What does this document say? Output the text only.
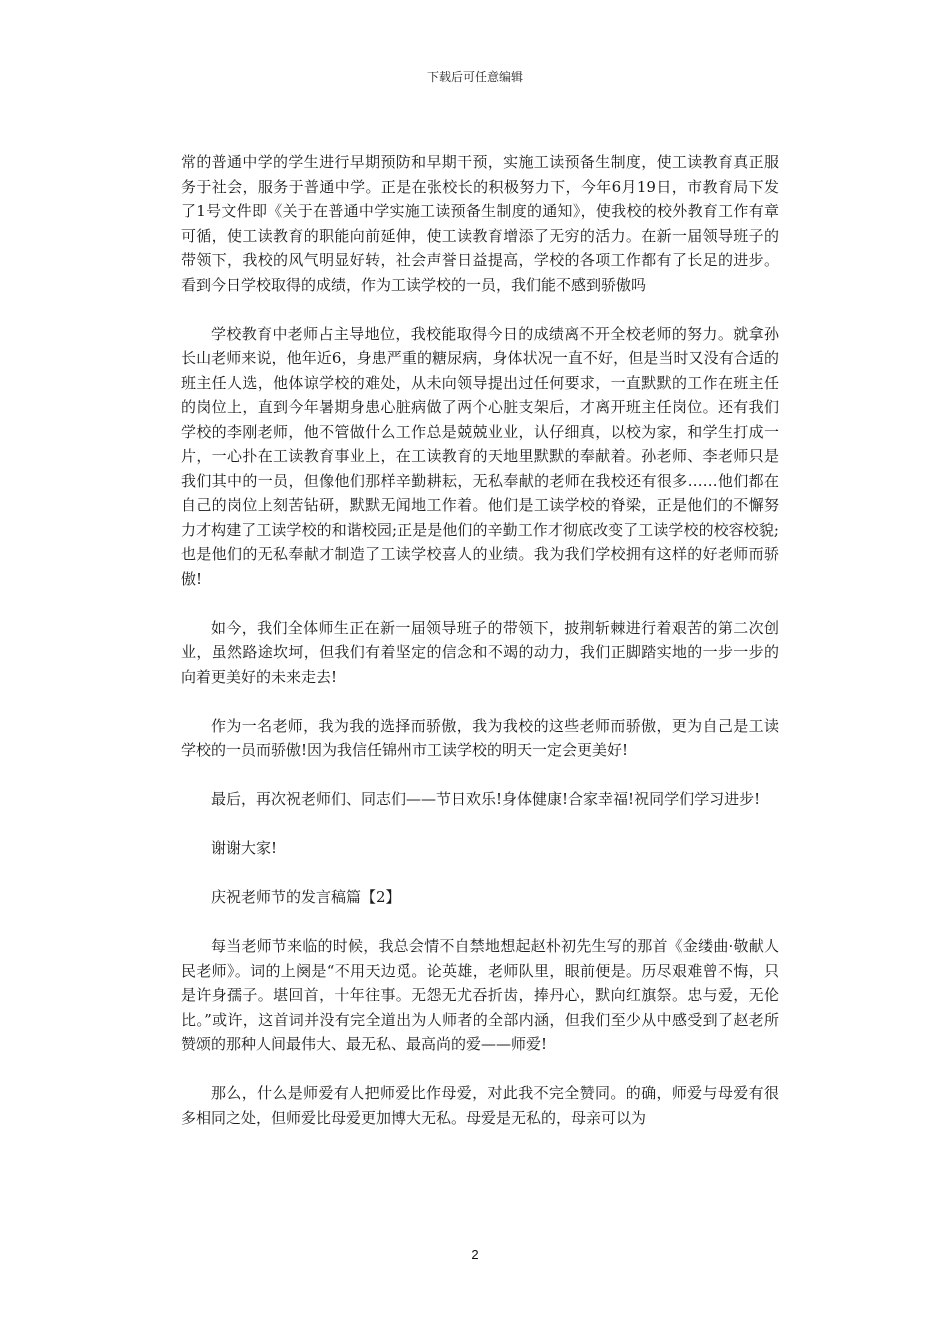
下载后可任意编辑

常的普通中学的学生进行早期预防和早期干预，实施工读预备生制度，使工读教育真正服务于社会，服务于普通中学。正是在张校长的积极努力下，今年6月19日，市教育局下发了1号文件即《关于在普通中学实施工读预备生制度的通知》，使我校的校外教育工作有章可循，使工读教育的职能向前延伸，使工读教育增添了无穷的活力。在新一届领导班子的带领下，我校的风气明显好转，社会声誉日益提高，学校的各项工作都有了长足的进步。看到今日学校取得的成绩，作为工读学校的一员，我们能不感到骄傲吗

学校教育中老师占主导地位，我校能取得今日的成绩离不开全校老师的努力。就拿孙长山老师来说，他年近6，身患严重的糖尿病，身体状况一直不好，但是当时又没有合适的班主任人选，他体谅学校的难处，从未向领导提出过任何要求，一直默默的工作在班主任的岗位上，直到今年暑期身患心脏病做了两个心脏支架后，才离开班主任岗位。还有我们学校的李刚老师，他不管做什么工作总是兢兢业业，认仔细真，以校为家，和学生打成一片，一心扑在工读教育事业上，在工读教育的天地里默默的奉献着。孙老师、李老师只是我们其中的一员，但像他们那样辛勤耕耘，无私奉献的老师在我校还有很多……他们都在自己的岗位上刻苦钻研，默默无闻地工作着。他们是工读学校的脊梁，正是他们的不懈努力才构建了工读学校的和谐校园;正是是他们的辛勤工作才彻底改变了工读学校的校容校貌;也是他们的无私奉献才制造了工读学校喜人的业绩。我为我们学校拥有这样的好老师而骄傲!

如今，我们全体师生正在新一届领导班子的带领下，披荆斩棘进行着艰苦的第二次创业，虽然路途坎坷，但我们有着坚定的信念和不竭的动力，我们正脚踏实地的一步一步的向着更美好的未来走去!

作为一名老师，我为我的选择而骄傲，我为我校的这些老师而骄傲，更为自己是工读学校的一员而骄傲!因为我信任锦州市工读学校的明天一定会更美好!

最后，再次祝老师们、同志们——节日欢乐!身体健康!合家幸福!祝同学们学习进步!

谢谢大家!

庆祝老师节的发言稿篇【2】

每当老师节来临的时候，我总会情不自禁地想起赵朴初先生写的那首《金缕曲·敬献人民老师》。词的上阕是“不用天边觅。论英雄，老师队里，眼前便是。历尽艰难曾不悔，只是许身孺子。堪回首，十年往事。无怨无尤吞折齿，捧丹心，默向红旗祭。忠与爱，无伦比。”或许，这首词并没有完全道出为人师者的全部内涵，但我们至少从中感受到了赵老所赞颂的那种人间最伟大、最无私、最高尚的爱——师爱!

那么，什么是师爱有人把师爱比作母爱，对此我不完全赞同。的确，师爱与母爱有很多相同之处，但师爱比母爱更加博大无私。母爱是无私的，母亲可以为

2
